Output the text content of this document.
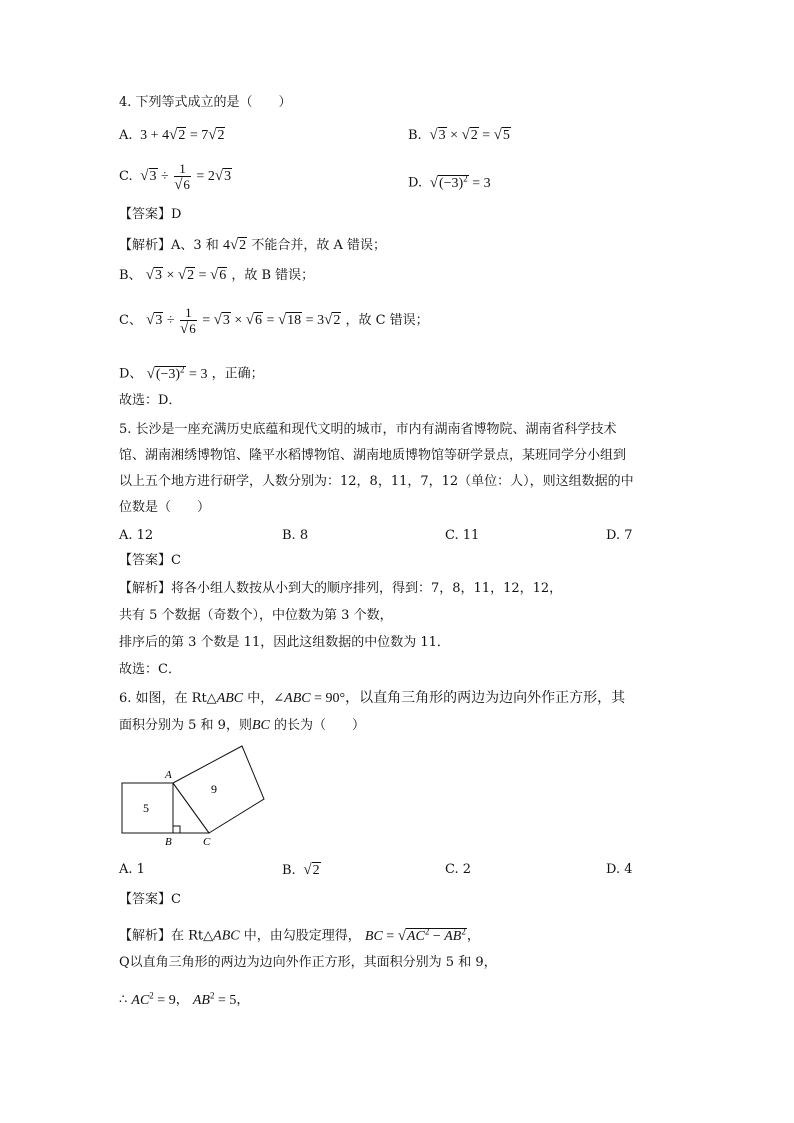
4. 下列等式成立的是（　　）
A.  3 + 4√2 = 7√2	B. √3 × √2 = √5
C. $√3 \div \frac{1}{√6} = 2√3$	D. $√(-3)^2 = 3$
【答案】D
【解析】A、3 和 4√2 不能合并，故 A 错误；
B、 √3 × √2 = √6 ，故 B 错误；
C、 $√3 \div \frac{1}{√6} = √3 \times √6 = √18 = 3√2$ ，故 C 错误；
D、 $√(-3)^2 = 3$ ，正确；
故选：D．
5. 长沙是一座充满历史底蕴和现代文明的城市，市内有湖南省博物院、湖南省科学技术
馆、湖南湘绣博物馆、隆平水稻博物馆、湖南地质博物馆等研学景点，某班同学分小组到
以上五个地方进行研学，人数分别为：12，8，11，7，12（单位：人），则这组数据的中
位数是（　　）
A. 12	B. 8	C. 11	D. 7
【答案】C
【解析】将各小组人数按从小到大的顺序排列，得到：7，8，11，12，12，
共有 5 个数据（奇数个），中位数为第 3 个数，
排序后的第 3 个数是 11，因此这组数据的中位数为 11．
故选：C．
6. 如图，在 Rt△ABC 中，∠ABC = 90°，以直角三角形的两边为边向外作正方形，其
面积分别为 5 和 9，则BC 的长为（　　）
5
9
A
B	C
A. 1	B. √2	C. 2	D. 4
【答案】C
【解析】在 Rt△ABC 中，由勾股定理得， BC = $√AC^2 - AB^2$，
Q以直角三角形的两边为边向外作正方形，其面积分别为 5 和 9，
∴ $AC^2 = 9$， $AB^2 = 5$，
